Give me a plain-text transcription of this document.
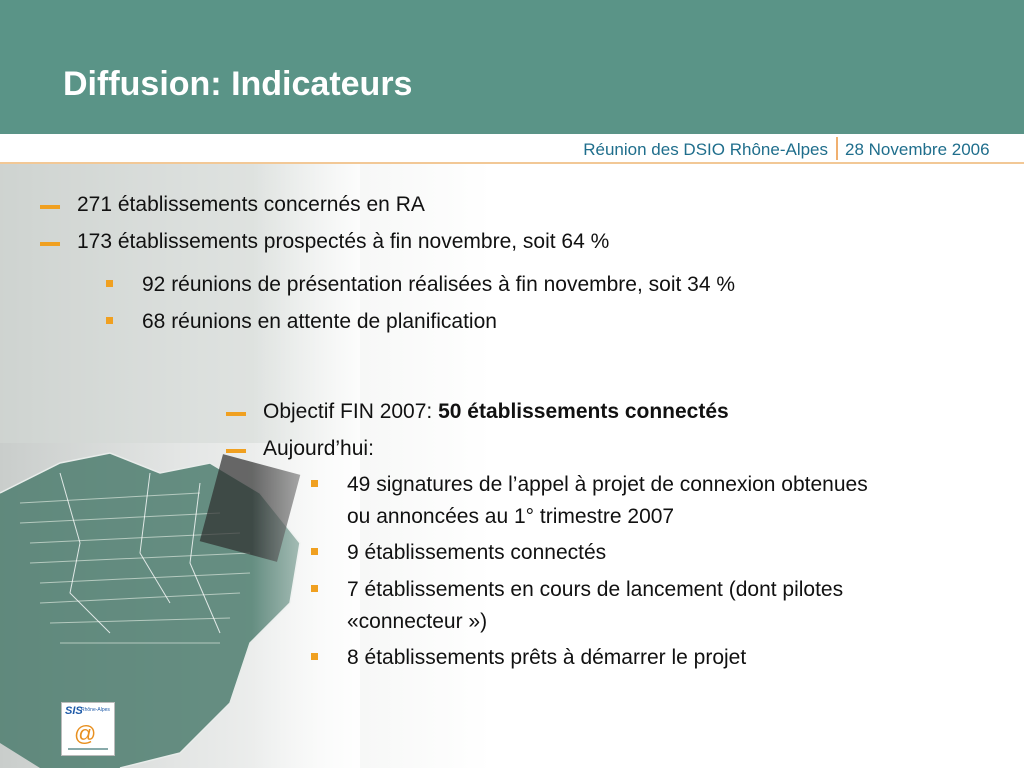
Diffusion: Indicateurs
Réunion des DSIO Rhône-Alpes 28 Novembre 2006
271 établissements concernés en RA
173 établissements prospectés à fin novembre, soit 64 %
92 réunions de présentation réalisées à fin novembre, soit 34 %
68 réunions en attente de planification
Objectif FIN 2007: 50 établissements connectés
Aujourd’hui:
49 signatures de l’appel à projet de connexion obtenues
ou annoncées au 1° trimestre 2007
9 établissements connectés
7 établissements en cours de lancement (dont pilotes
«connecteur »)
8 établissements prêts à démarrer le projet
SIS
Rhône-Alpes
@
